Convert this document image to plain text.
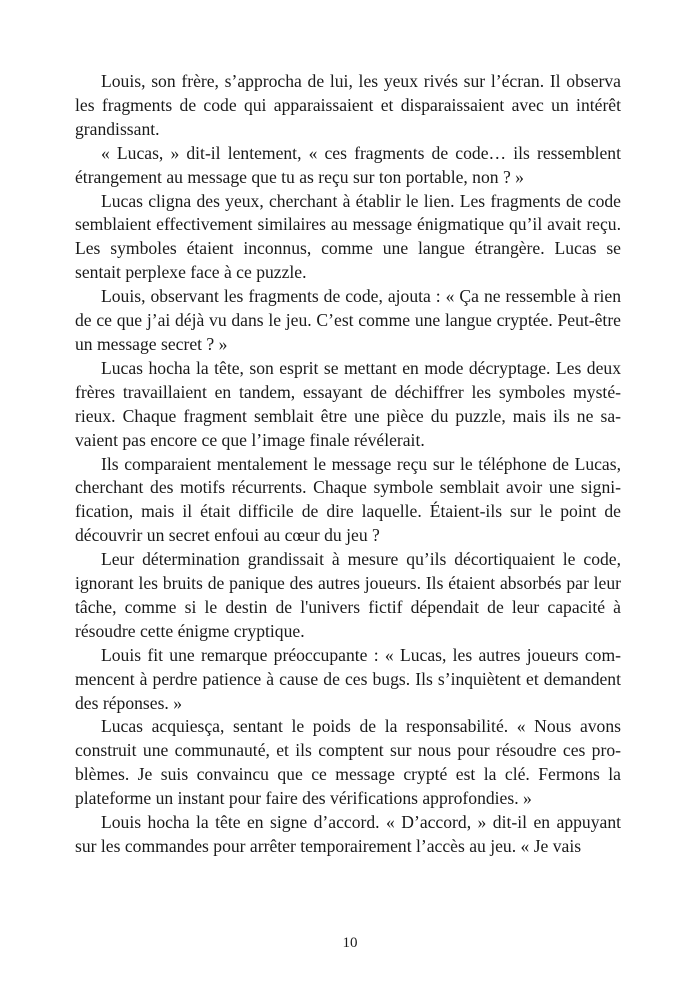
Louis, son frère, s’approcha de lui, les yeux rivés sur l’écran. Il observa les fragments de code qui apparaissaient et disparaissaient avec un intérêt grandissant.

« Lucas, » dit-il lentement, « ces fragments de code… ils ressemblent étrangement au message que tu as reçu sur ton portable, non ? »

Lucas cligna des yeux, cherchant à établir le lien. Les fragments de code semblaient effectivement similaires au message énigmatique qu’il avait reçu. Les symboles étaient inconnus, comme une langue étrangère. Lucas se sentait perplexe face à ce puzzle.

Louis, observant les fragments de code, ajouta : « Ça ne ressemble à rien de ce que j’ai déjà vu dans le jeu. C’est comme une langue cryptée. Peut-être un message secret ? »

Lucas hocha la tête, son esprit se mettant en mode décryptage. Les deux frères travaillaient en tandem, essayant de déchiffrer les symboles mystérieux. Chaque fragment semblait être une pièce du puzzle, mais ils ne savaient pas encore ce que l’image finale révélerait.

Ils comparaient mentalement le message reçu sur le téléphone de Lucas, cherchant des motifs récurrents. Chaque symbole semblait avoir une signification, mais il était difficile de dire laquelle. Étaient-ils sur le point de découvrir un secret enfoui au cœur du jeu ?

Leur détermination grandissait à mesure qu’ils décortiquaient le code, ignorant les bruits de panique des autres joueurs. Ils étaient absorbés par leur tâche, comme si le destin de l'univers fictif dépendait de leur capacité à résoudre cette énigme cryptique.

Louis fit une remarque préoccupante : « Lucas, les autres joueurs commencent à perdre patience à cause de ces bugs. Ils s’inquiètent et demandent des réponses. »

Lucas acquiesça, sentant le poids de la responsabilité. « Nous avons construit une communauté, et ils comptent sur nous pour résoudre ces problèmes. Je suis convaincu que ce message crypté est la clé. Fermons la plateforme un instant pour faire des vérifications approfondies. »

Louis hocha la tête en signe d’accord. « D’accord, » dit-il en appuyant sur les commandes pour arrêter temporairement l’accès au jeu. « Je vais

10
